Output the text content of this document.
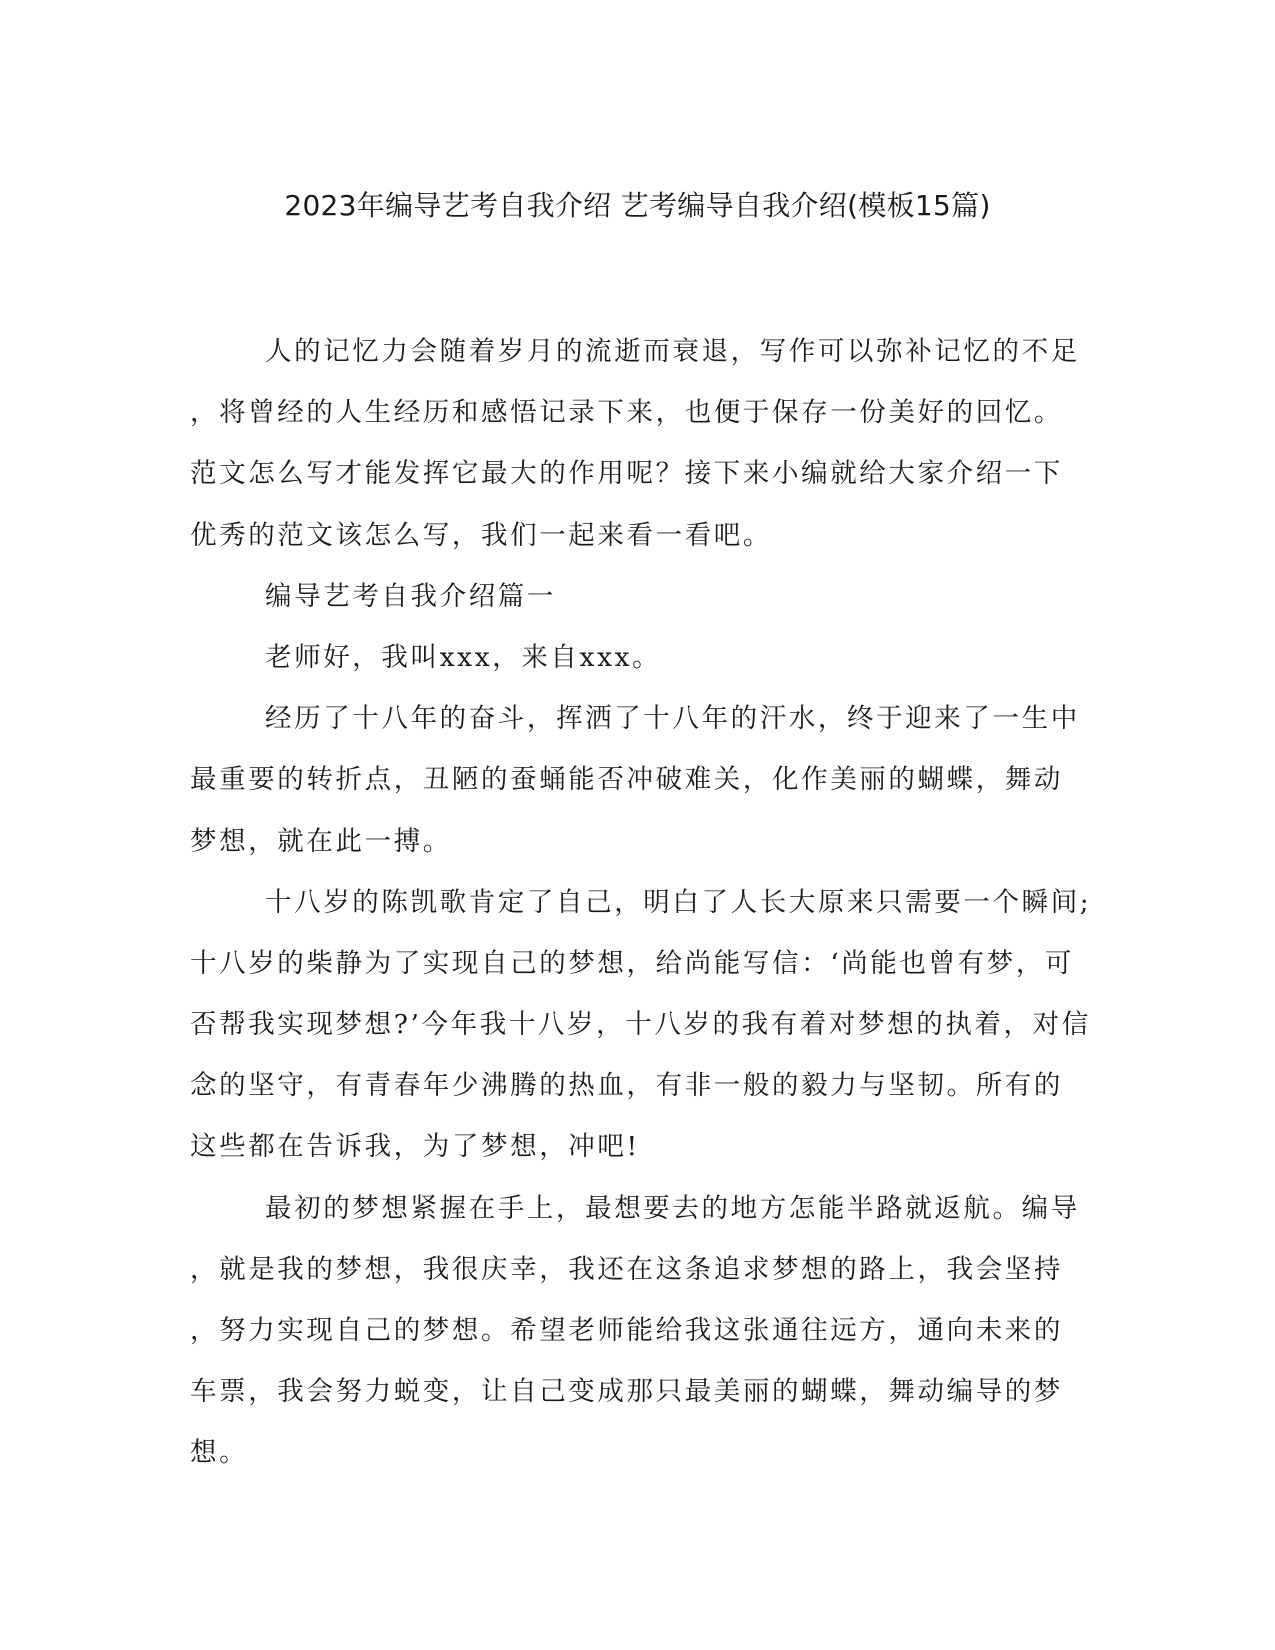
2023年编导艺考自我介绍 艺考编导自我介绍(模板15篇)
人的记忆力会随着岁月的流逝而衰退，写作可以弥补记忆的不足
，将曾经的人生经历和感悟记录下来，也便于保存一份美好的回忆。
范文怎么写才能发挥它最大的作用呢？接下来小编就给大家介绍一下
优秀的范文该怎么写，我们一起来看一看吧。
编导艺考自我介绍篇一
老师好，我叫xxx，来自xxx。
经历了十八年的奋斗，挥洒了十八年的汗水，终于迎来了一生中
最重要的转折点，丑陋的蚕蛹能否冲破难关，化作美丽的蝴蝶，舞动
梦想，就在此一搏。
十八岁的陈凯歌肯定了自己，明白了人长大原来只需要一个瞬间;
十八岁的柴静为了实现自己的梦想，给尚能写信：‘尚能也曾有梦，可
否帮我实现梦想?’今年我十八岁，十八岁的我有着对梦想的执着，对信
念的坚守，有青春年少沸腾的热血，有非一般的毅力与坚韧。所有的
这些都在告诉我，为了梦想，冲吧!
最初的梦想紧握在手上，最想要去的地方怎能半路就返航。编导
，就是我的梦想，我很庆幸，我还在这条追求梦想的路上，我会坚持
，努力实现自己的梦想。希望老师能给我这张通往远方，通向未来的
车票，我会努力蜕变，让自己变成那只最美丽的蝴蝶，舞动编导的梦
想。
